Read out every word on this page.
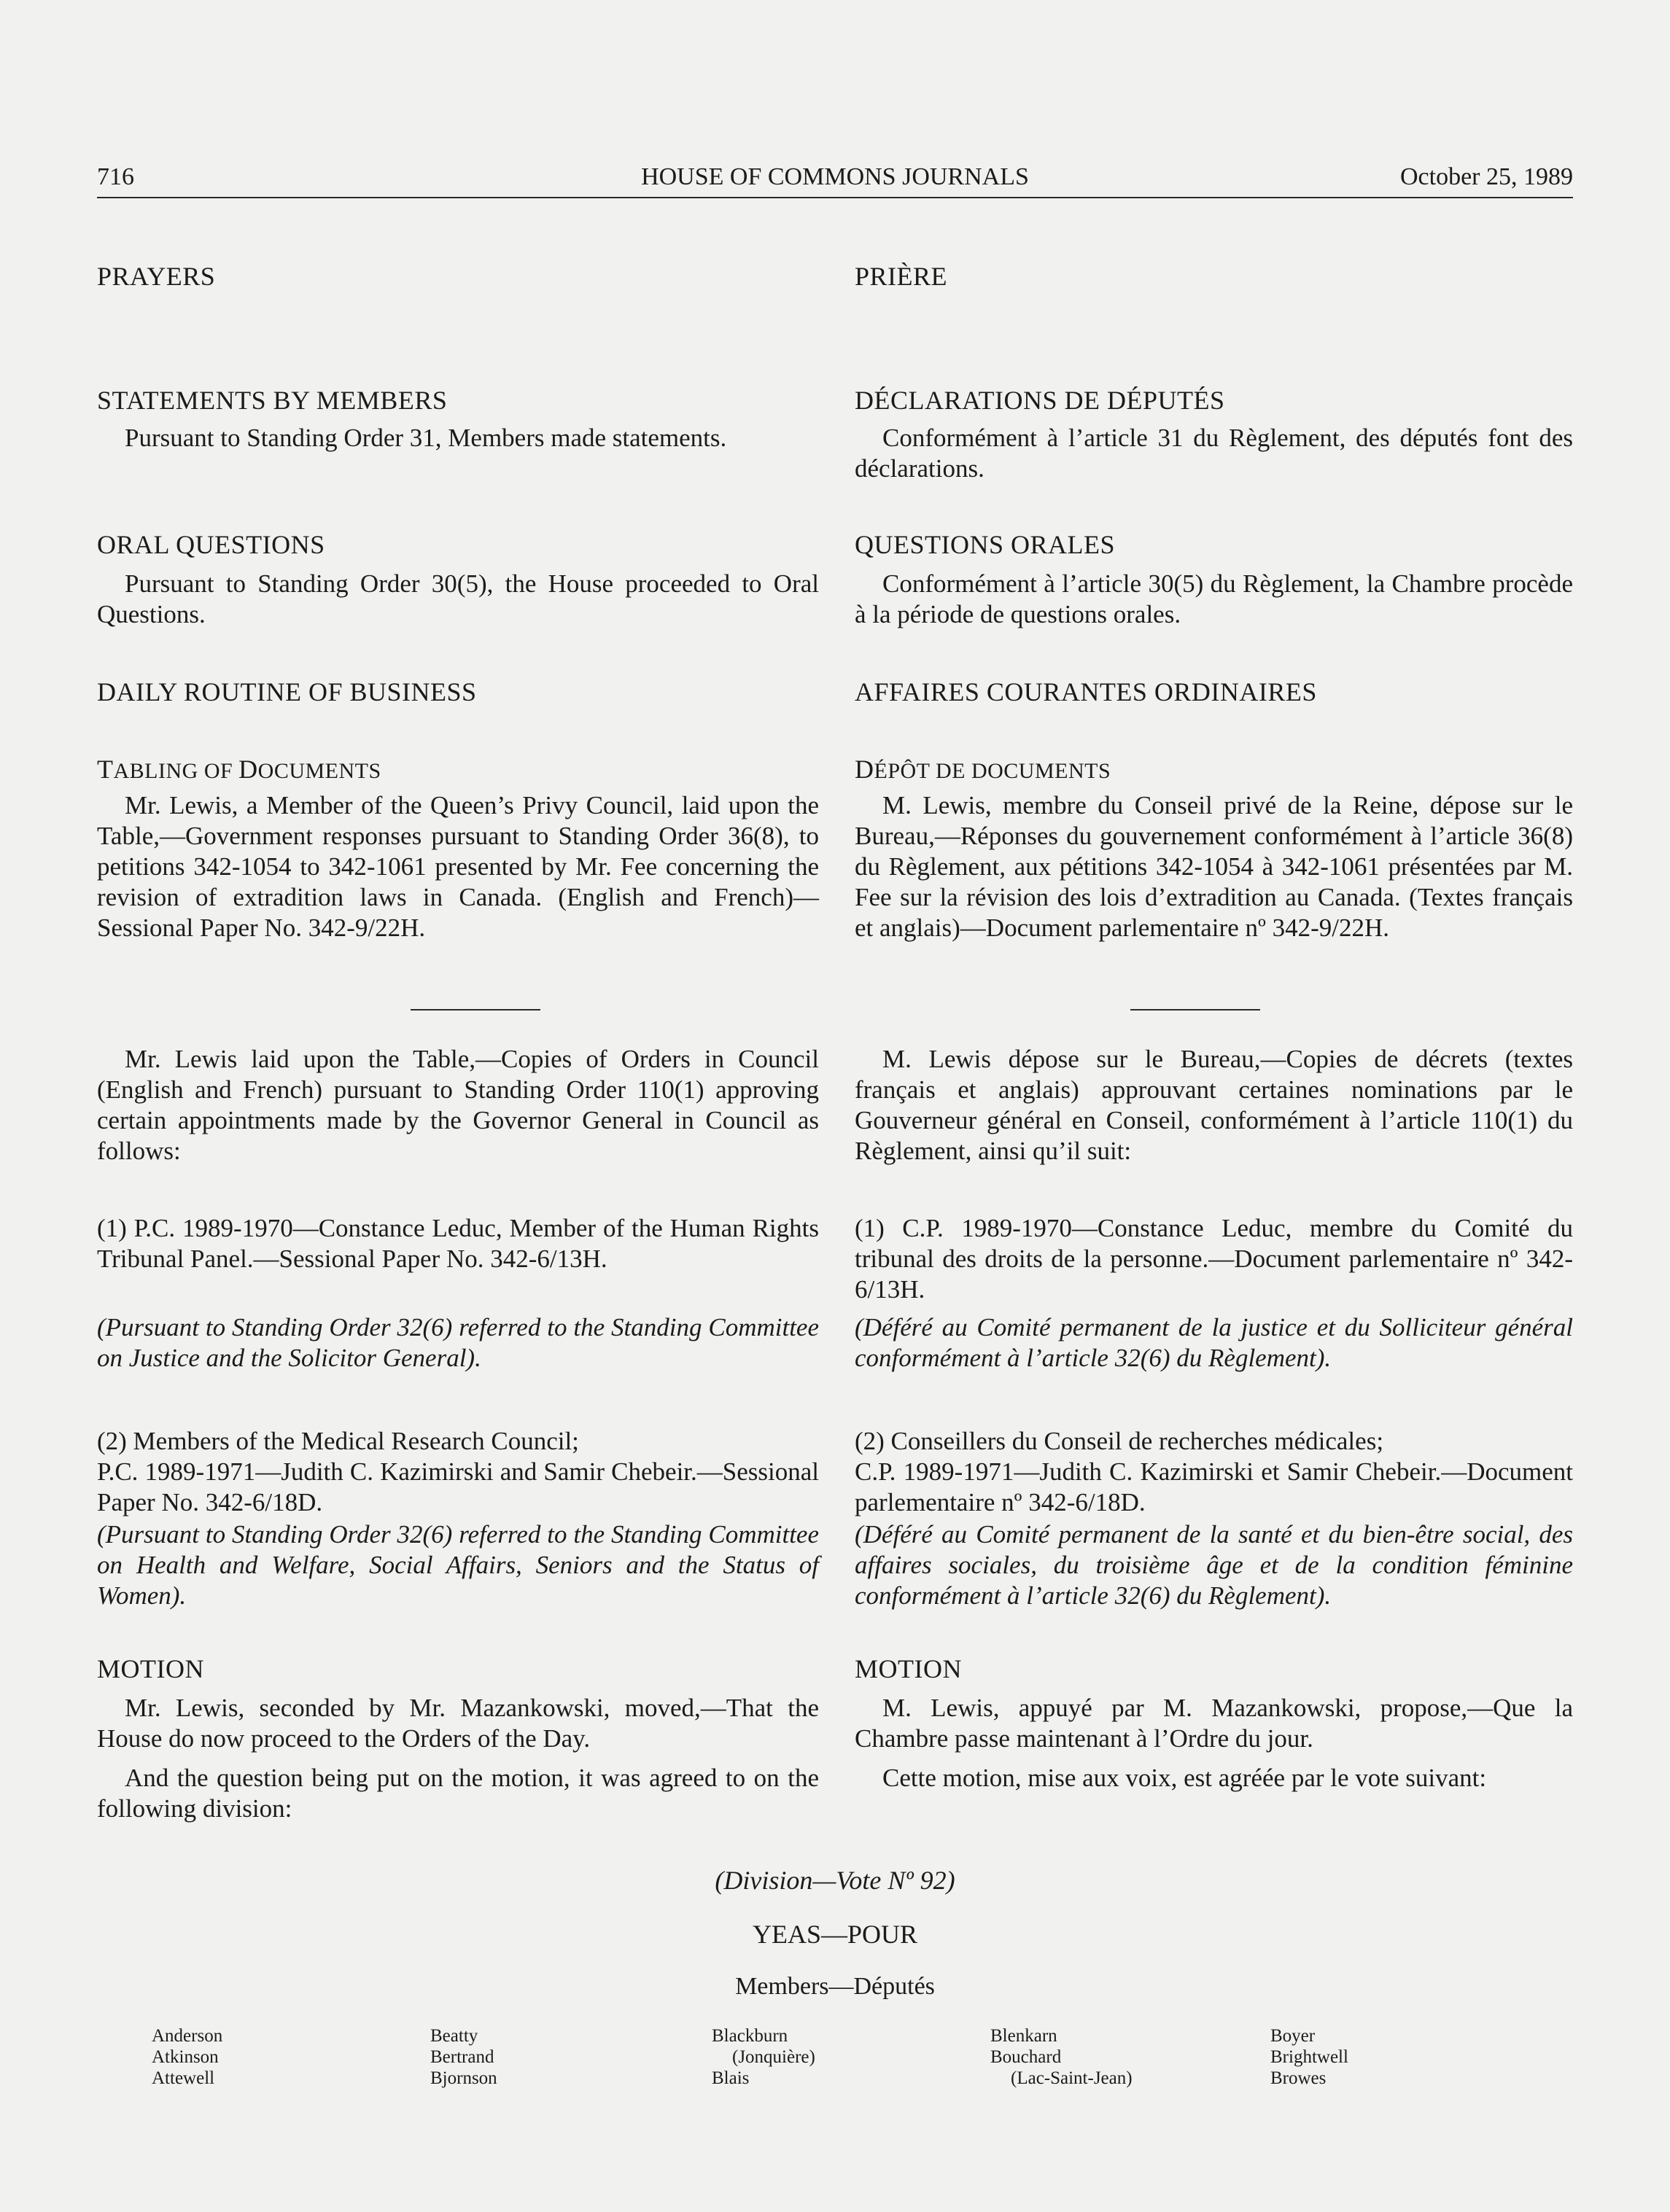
716	HOUSE OF COMMONS JOURNALS	October 25, 1989
PRAYERS
STATEMENTS BY MEMBERS
Pursuant to Standing Order 31, Members made statements.
ORAL QUESTIONS
Pursuant to Standing Order 30(5), the House proceeded to Oral Questions.
DAILY ROUTINE OF BUSINESS
TABLING OF DOCUMENTS
Mr. Lewis, a Member of the Queen’s Privy Council, laid upon the Table,—Government responses pursuant to Standing Order 36(8), to petitions 342-1054 to 342-1061 presented by Mr. Fee concerning the revision of extradition laws in Canada. (English and French)—Sessional Paper No. 342-9/22H.
Mr. Lewis laid upon the Table,—Copies of Orders in Council (English and French) pursuant to Standing Order 110(1) approving certain appointments made by the Governor General in Council as follows:
(1) P.C. 1989-1970—Constance Leduc, Member of the Human Rights Tribunal Panel.—Sessional Paper No. 342-6/13H.
(Pursuant to Standing Order 32(6) referred to the Standing Committee on Justice and the Solicitor General).
(2) Members of the Medical Research Council;
P.C. 1989-1971—Judith C. Kazimirski and Samir Chebeir.—Sessional Paper No. 342-6/18D.
(Pursuant to Standing Order 32(6) referred to the Standing Committee on Health and Welfare, Social Affairs, Seniors and the Status of Women).
MOTION
Mr. Lewis, seconded by Mr. Mazankowski, moved,—That the House do now proceed to the Orders of the Day.
And the question being put on the motion, it was agreed to on the following division:
PRIÈRE
DÉCLARATIONS DE DÉPUTÉS
Conformément à l’article 31 du Règlement, des députés font des déclarations.
QUESTIONS ORALES
Conformément à l’article 30(5) du Règlement, la Chambre procède à la période de questions orales.
AFFAIRES COURANTES ORDINAIRES
DÉPÔT DE DOCUMENTS
M. Lewis, membre du Conseil privé de la Reine, dépose sur le Bureau,—Réponses du gouvernement conformément à l’article 36(8) du Règlement, aux pétitions 342-1054 à 342-1061 présentées par M. Fee sur la révision des lois d’extradition au Canada. (Textes français et anglais)—Document parlementaire nº 342-9/22H.
M. Lewis dépose sur le Bureau,—Copies de décrets (textes français et anglais) approuvant certaines nominations par le Gouverneur général en Conseil, conformément à l’article 110(1) du Règlement, ainsi qu’il suit:
(1) C.P. 1989-1970—Constance Leduc, membre du Comité du tribunal des droits de la personne.—Document parlementaire nº 342-6/13H.
(Déféré au Comité permanent de la justice et du Solliciteur général conformément à l’article 32(6) du Règlement).
(2) Conseillers du Conseil de recherches médicales;
C.P. 1989-1971—Judith C. Kazimirski et Samir Chebeir.—Document parlementaire nº 342-6/18D.
(Déféré au Comité permanent de la santé et du bien-être social, des affaires sociales, du troisième âge et de la condition féminine conformément à l’article 32(6) du Règlement).
MOTION
M. Lewis, appuyé par M. Mazankowski, propose,—Que la Chambre passe maintenant à l’Ordre du jour.
Cette motion, mise aux voix, est agréée par le vote suivant:
(Division—Vote Nº 92)
YEAS—POUR
Members—Députés
Anderson
Atkinson
Attewell
Beatty
Bertrand
Bjornson
Blackburn
(Jonquière)
Blais
Blenkarn
Bouchard
(Lac-Saint-Jean)
Boyer
Brightwell
Browes
